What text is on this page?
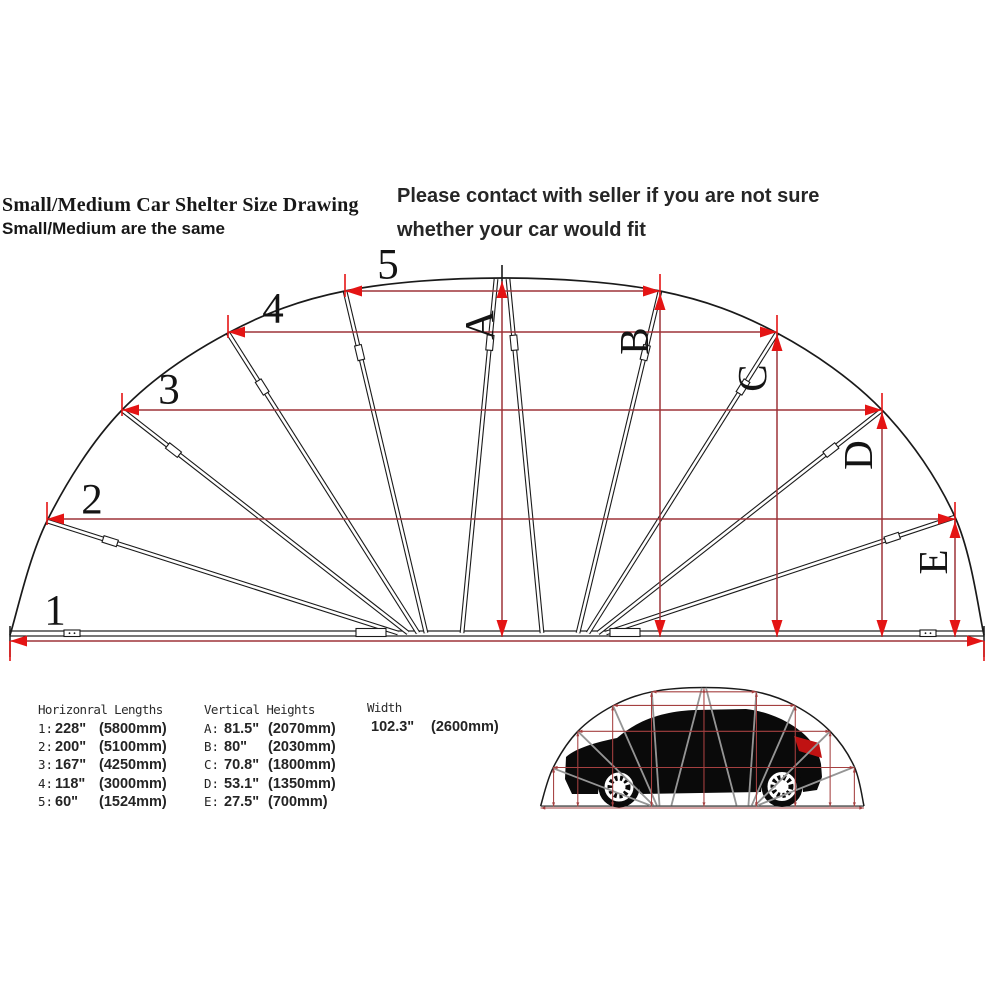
Small/Medium Car Shelter Size Drawing
Small/Medium are the same
Please contact with seller if you are not sure
whether your car would fit
1
2
3
4
5
A
B
C
D
E
Horizonral Lengths
1: 228" (5800mm)
2: 200" (5100mm)
3: 167" (4250mm)
4: 118" (3000mm)
5: 60"	(1524mm)
Vertical Heights
A: 81.5" (2070mm)
B: 80"	(2030mm)
C: 70.8" (1800mm)
D: 53.1" (1350mm)
E: 27.5" (700mm)
Width
102.3"	(2600mm)
